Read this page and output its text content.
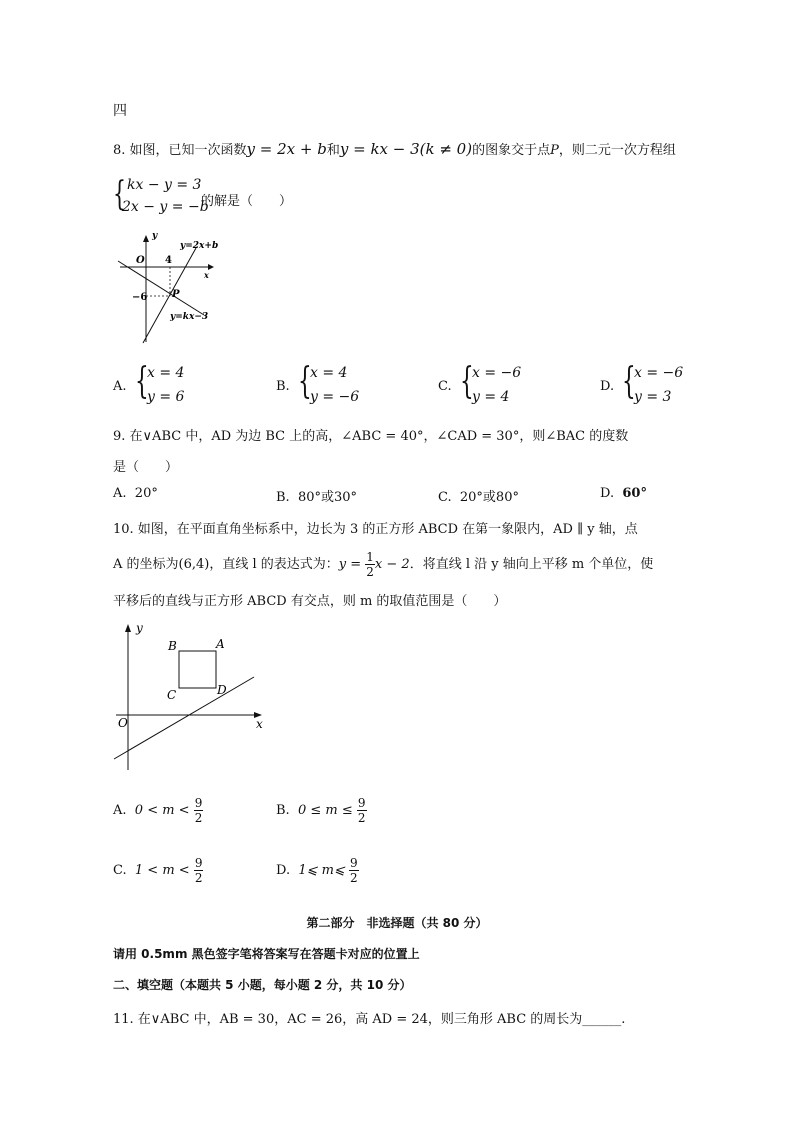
四
8. 如图，已知一次函数y = 2x + b和y = kx − 3(k ≠ 0)的图象交于点P，则二元一次方程组
{ kx − y = 3
2x − y = −b
的解是（　　）
y
x
O 4
−6 P
y=2x+b
y=kx−3
A. {
x = 4
y = 6
B. {
x = 4
y = −6
C. {
x = −6
y = 4
D. {
x = −6
y = 3
9. 在∨ABC 中，AD 为边 BC 上的高，∠ABC = 40°，∠CAD = 30°，则∠BAC 的度数
是（　　）
A. 20°	B. 80°或30°	C. 20°或80°	D. 60°
10. 如图，在平面直角坐标系中，边长为 3 的正方形 ABCD 在第一象限内，AD ∥ y 轴，点
A 的坐标为(6,4)，直线 l 的表达式为：$y = \frac{1}{2}$ x − 2．将直线 l 沿 y 轴向上平移 m 个单位，使
平移后的直线与正方形 ABCD 有交点，则 m 的取值范围是（　　）
y
x
O
A
B
C	D
A. $0 < m < \frac{9}{2}$	B. $0 \le m \le \frac{9}{2}$
C. $1 < m < \frac{9}{2}$	D. 1⩽ m⩽ $\frac{9}{2}$
第二部分　非选择题（共 80 分）
请用 0.5mm 黑色签字笔将答案写在答题卡对应的位置上
二、填空题（本题共 5 小题，每小题 2 分，共 10 分）
11. 在∨ABC 中，AB = 30，AC = 26，高 AD = 24，则三角形 ABC 的周长为______.
